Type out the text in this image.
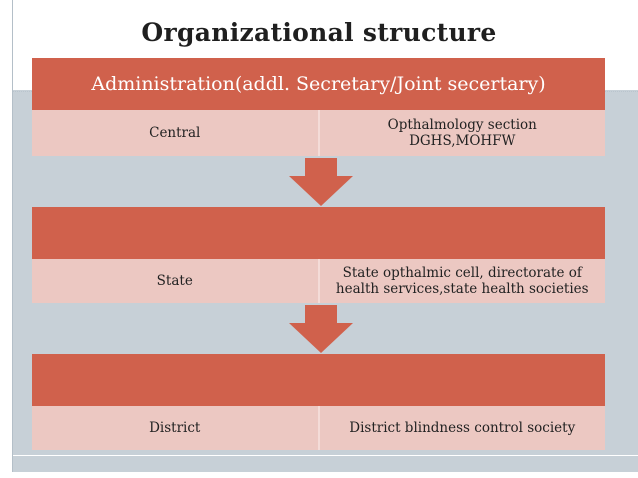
Organizational structure
Administration(addl. Secretary/Joint secertary)
Central	Opthalmology section
DGHS,MOHFW
State	State opthalmic cell, directorate of
health services,state health societies
District	District blindness control society
